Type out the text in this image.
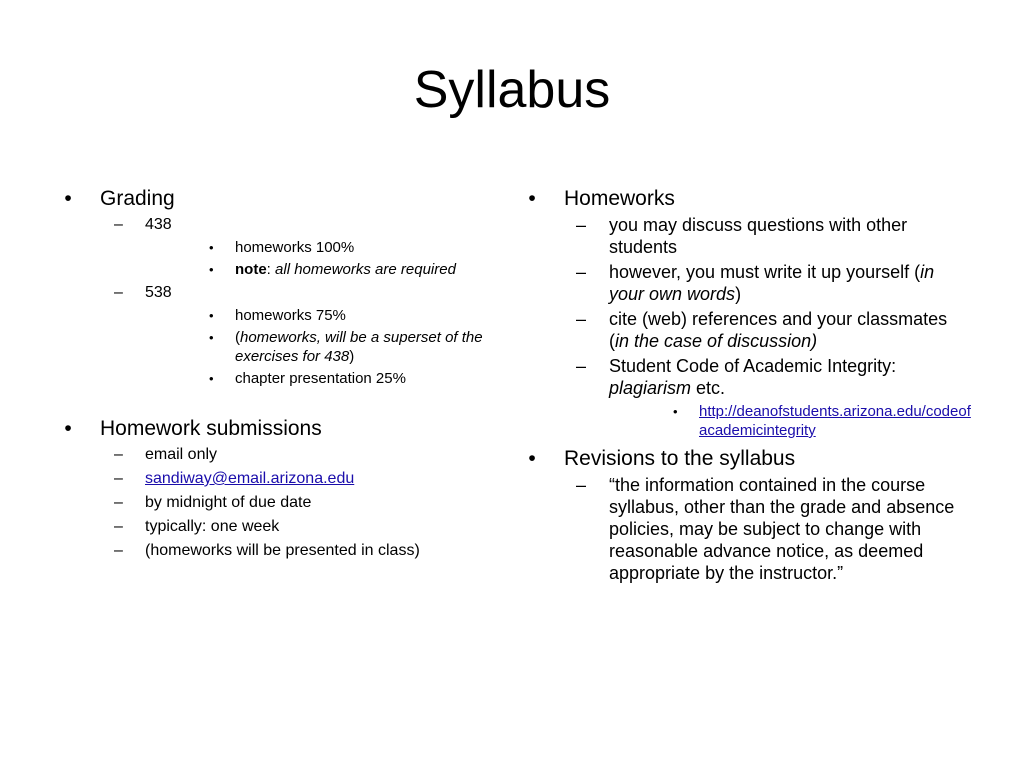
Syllabus
•	Grading
– 438
• homeworks 100%
• note: all homeworks are required
– 538
• homeworks 75%
• (homeworks, will be a superset of the exercises for 438)
• chapter presentation 25%
•	Homework submissions
– email only
– sandiway@email.arizona.edu
– by midnight of due date
– typically: one week
– (homeworks will be presented in class)
•	Homeworks
– you may discuss questions with other students
– however, you must write it up yourself (in your own words)
– cite (web) references and your classmates (in the case of discussion)
– Student Code of Academic Integrity: plagiarism etc.
• http://deanofstudents.arizona.edu/codeofacademicintegrity
•	Revisions to the syllabus
– “the information contained in the course syllabus, other than the grade and absence policies, may be subject to change with reasonable advance notice, as deemed appropriate by the instructor.”
